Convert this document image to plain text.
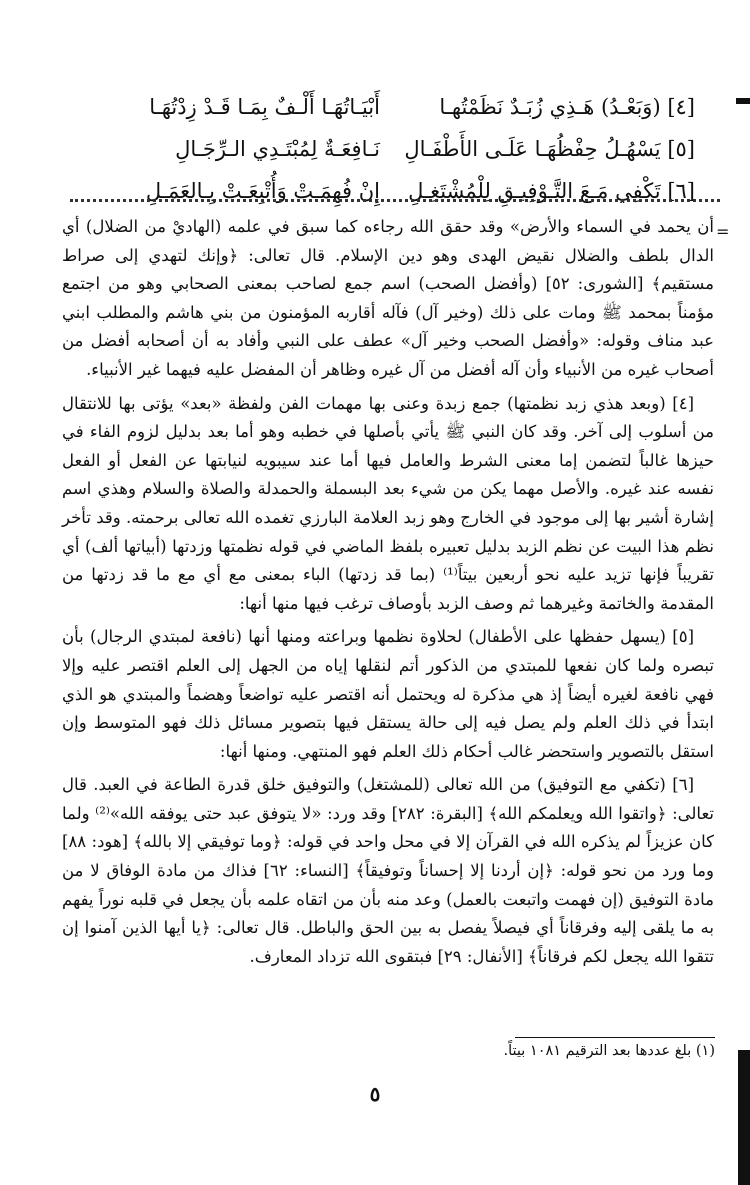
[٤] (وَبَعْـدُ) هَـذِي زُبَـدٌ نَظَمْتُهـا
أَبْيَـاتُهَـا أَلْـفٌ بِمَـا قَـدْ زِدْتُهَـا
[٥] يَسْهُـلُ حِفْظُهَـا عَلَـى الأَطْفَـالِ
نَـافِعَـةٌ لِمُبْتَـدِي الـرِّجَـالِ
[٦] تَكْفِي مَـعَ التَّـوْفِيـقِ لِلْمُشْتَغِـلِ
إِنْ فُهِمَـتْ وَأُتْبِعَـتْ بِـالعَمَـلِ
=

أن يحمد في السماء والأرض» وقد حقق الله رجاءه كما سبق في علمه (الهاديْ من الضلال) أي الدال بلطف والضلال نقيض الهدى وهو دين الإسلام. قال تعالى: ﴿وإنك لتهدي إلى صراط مستقيم﴾ [الشورى: ٥٢] (وأفضل الصحب) اسم جمع لصاحب بمعنى الصحابي وهو من اجتمع مؤمناً بمحمد ﷺ ومات على ذلك (وخير آل) فآله أقاربه المؤمنون من بني هاشم والمطلب ابني عبد مناف وقوله: «وأفضل الصحب وخير آل» عطف على النبي وأفاد به أن أصحابه أفضل من أصحاب غيره من الأنبياء وأن آله أفضل من آل غيره وظاهر أن المفضل عليه فيهما غير الأنبياء.

[٤] (وبعد هذي زبد نظمتها) جمع زبدة وعنى بها مهمات الفن ولفظة «بعد» يؤتى بها للانتقال من أسلوب إلى آخر. وقد كان النبي ﷺ يأتي بأصلها في خطبه وهو أما بعد بدليل لزوم الفاء في حيزها غالباً لتضمن إما معنى الشرط والعامل فيها أما عند سيبويه لنيابتها عن الفعل أو الفعل نفسه عند غيره. والأصل مهما يكن من شيء بعد البسملة والحمدلة والصلاة والسلام وهذي اسم إشارة أشير بها إلى موجود في الخارج وهو زبد العلامة البارزي تغمده الله تعالى برحمته. وقد تأخر نظم هذا البيت عن نظم الزبد بدليل تعبيره بلفظ الماضي في قوله نظمتها وزدتها (أبياتها ألف) أي تقريباً فإنها تزيد عليه نحو أربعين بيتاً⁽¹⁾ (بما قد زدتها) الباء بمعنى مع أي مع ما قد زدتها من المقدمة والخاتمة وغيرهما ثم وصف الزبد بأوصاف ترغب فيها منها أنها:

[٥] (يسهل حفظها على الأطفال) لحلاوة نظمها وبراعته ومنها أنها (نافعة لمبتدي الرجال) بأن تبصره ولما كان نفعها للمبتدي من الذكور أتم لنقلها إياه من الجهل إلى العلم اقتصر عليه وإلا فهي نافعة لغيره أيضاً إذ هي مذكرة له ويحتمل أنه اقتصر عليه تواضعاً وهضماً والمبتدي هو الذي ابتدأ في ذلك العلم ولم يصل فيه إلى حالة يستقل فيها بتصوير مسائل ذلك فهو المتوسط وإن استقل بالتصوير واستحضر غالب أحكام ذلك العلم فهو المنتهي. ومنها أنها:

[٦] (تكفي مع التوفيق) من الله تعالى (للمشتغل) والتوفيق خلق قدرة الطاعة في العبد. قال تعالى: ﴿واتقوا الله ويعلمكم الله﴾ [البقرة: ٢٨٢] وقد ورد: «لا يتوفق عبد حتى يوفقه الله»⁽²⁾ ولما كان عزيزاً لم يذكره الله في القرآن إلا في محل واحد في قوله: ﴿وما توفيقي إلا بالله﴾ [هود: ٨٨] وما ورد من نحو قوله: ﴿إن أردنا إلا إحساناً وتوفيقاً﴾ [النساء: ٦٢] فذاك من مادة الوفاق لا من مادة التوفيق (إن فهمت واتبعت بالعمل) وعد منه بأن من اتقاه علمه بأن يجعل في قلبه نوراً يفهم به ما يلقى إليه وفرقاناً أي فيصلاً يفصل به بين الحق والباطل. قال تعالى: ﴿يا أيها الذين آمنوا إن تتقوا الله يجعل لكم فرقاناً﴾ [الأنفال: ٢٩] فبتقوى الله تزداد المعارف.

(١) بلغ عددها بعد الترقيم ١٠٨١ بيتاً.
٥
